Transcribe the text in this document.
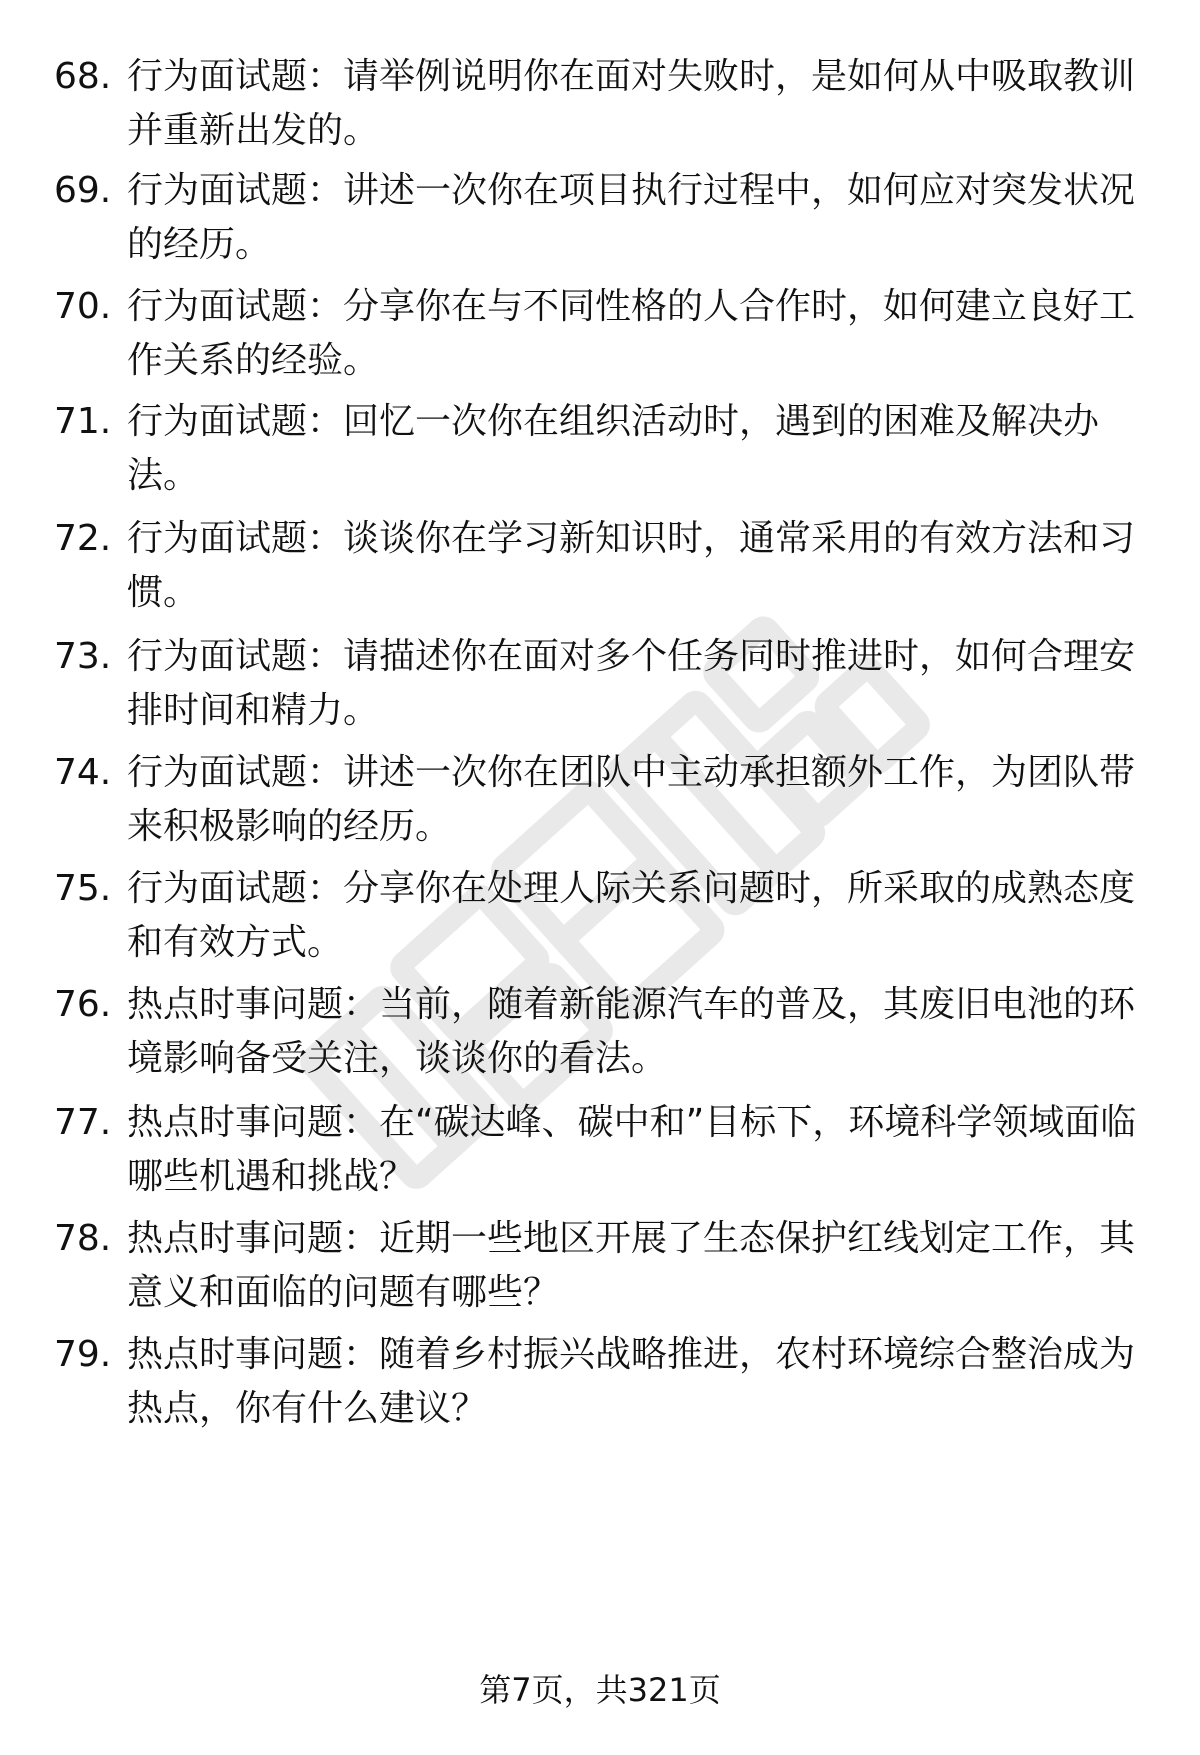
68. 行为面试题：请举例说明你在面对失败时，是如何从中吸取教训并重新出发的。
69. 行为面试题：讲述一次你在项目执行过程中，如何应对突发状况的经历。
70. 行为面试题：分享你在与不同性格的人合作时，如何建立良好工作关系的经验。
71. 行为面试题：回忆一次你在组织活动时，遇到的困难及解决办法。
72. 行为面试题：谈谈你在学习新知识时，通常采用的有效方法和习惯。
73. 行为面试题：请描述你在面对多个任务同时推进时，如何合理安排时间和精力。
74. 行为面试题：讲述一次你在团队中主动承担额外工作，为团队带来积极影响的经历。
75. 行为面试题：分享你在处理人际关系问题时，所采取的成熟态度和有效方式。
76. 热点时事问题：当前，随着新能源汽车的普及，其废旧电池的环境影响备受关注，谈谈你的看法。
77. 热点时事问题：在“碳达峰、碳中和”目标下，环境科学领域面临哪些机遇和挑战？
78. 热点时事问题：近期一些地区开展了生态保护红线划定工作，其意义和面临的问题有哪些？
79. 热点时事问题：随着乡村振兴战略推进，农村环境综合整治成为热点，你有什么建议？
第7页，共321页
